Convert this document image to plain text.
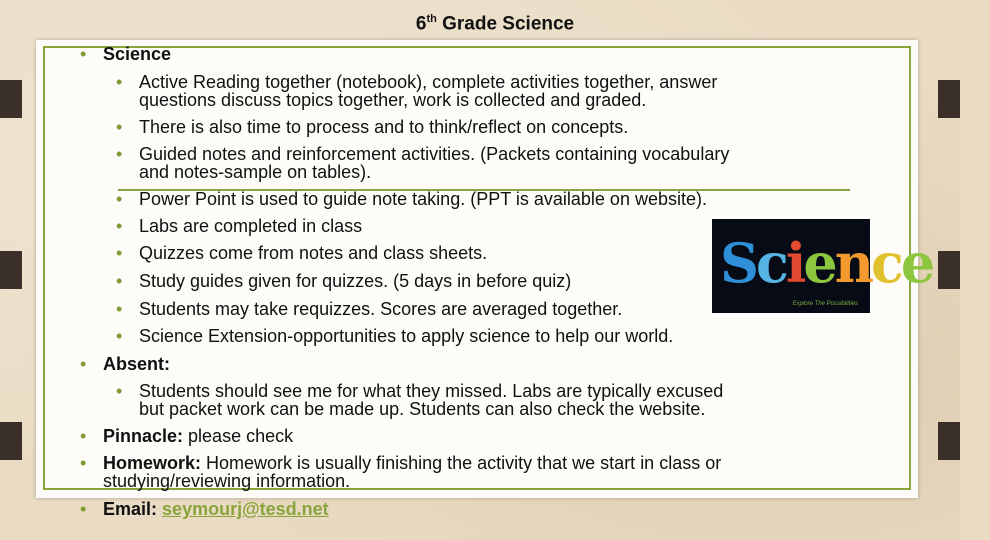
6th Grade Science
• Science
• Active Reading together (notebook), complete activities together, answer
questions discuss topics together, work is collected and graded.
• There is also time to process and to think/reflect on concepts.
• Guided notes and reinforcement activities. (Packets containing vocabulary
and notes-sample on tables).
• Power Point is used to guide note taking. (PPT is available on website).
• Labs are completed in class
• Quizzes come from notes and class sheets.
• Study guides given for quizzes. (5 days in before quiz)
• Students may take requizzes. Scores are averaged together.
• Science Extension-opportunities to apply science to help our world.
• Absent:
• Students should see me for what they missed. Labs are typically excused
but packet work can be made up. Students can also check the website.
• Pinnacle: please check
• Homework: Homework is usually finishing the activity that we start in class or
studying/reviewing information.
• Email: seymourj@tesd.net
Science
Explore The Possibilities
